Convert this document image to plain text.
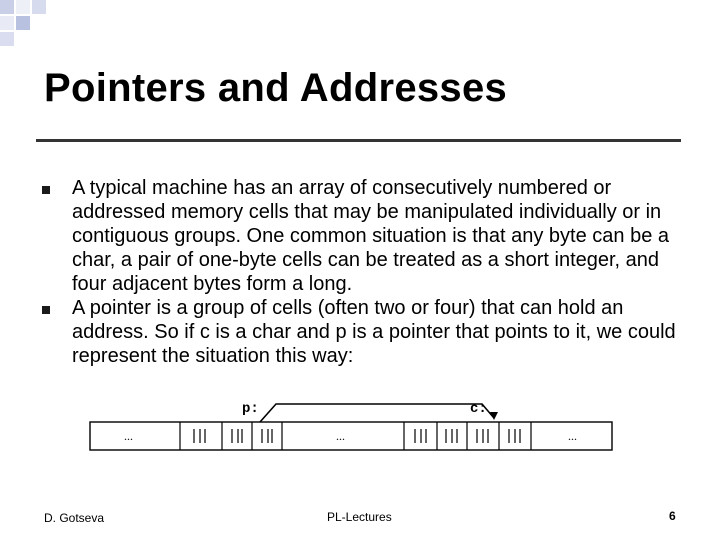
Pointers and Addresses
A typical machine has an array of consecutively numbered or addressed memory cells that may be manipulated individually or in contiguous groups. One common situation is that any byte can be a char, a pair of one-byte cells can be treated as a short integer, and four adjacent bytes form a long.
A pointer is a group of cells (often two or four) that can hold an address. So if c is a char and p is a pointer that points to it, we could represent the situation this way:
p:	c:
...	...	...
D. Gotseva	PL-Lectures	6
